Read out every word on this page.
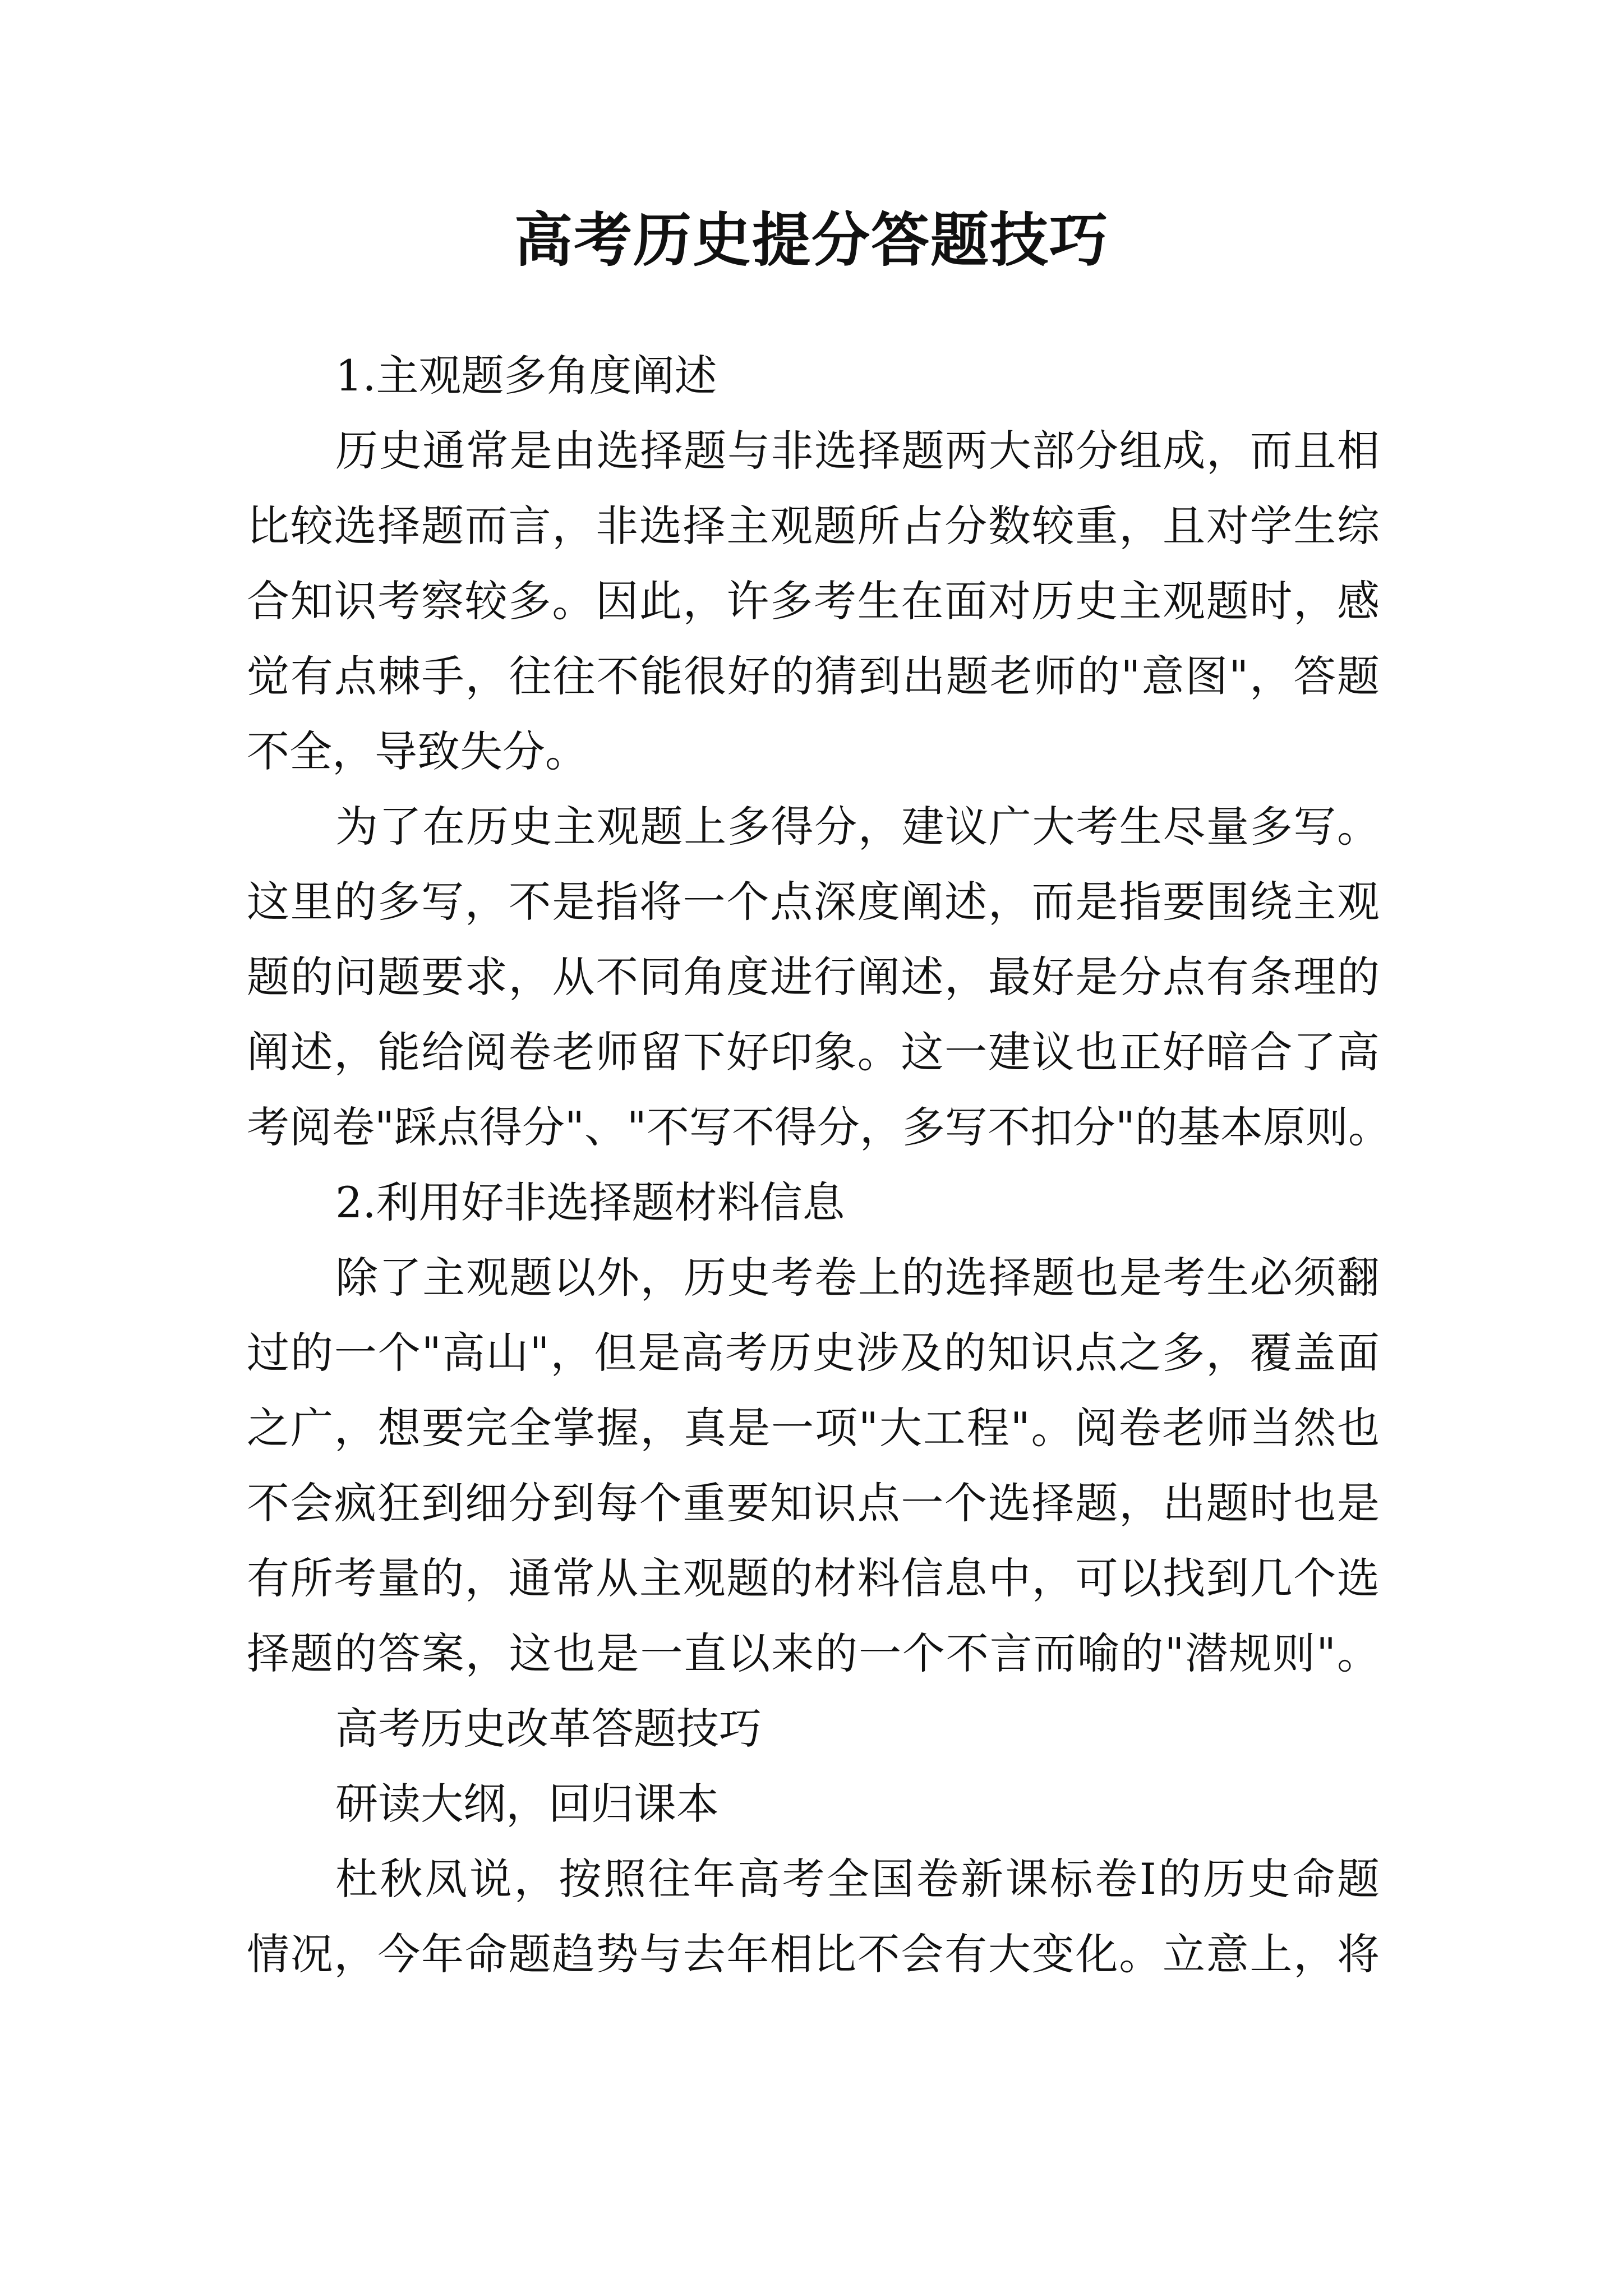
高考历史提分答题技巧
1.主观题多角度阐述
历史通常是由选择题与非选择题两大部分组成，而且相
比较选择题而言，非选择主观题所占分数较重，且对学生综
合知识考察较多。因此，许多考生在面对历史主观题时，感
觉有点棘手，往往不能很好的猜到出题老师的"意图"，答题
不全，导致失分。
为了在历史主观题上多得分，建议广大考生尽量多写。
这里的多写，不是指将一个点深度阐述，而是指要围绕主观
题的问题要求，从不同角度进行阐述，最好是分点有条理的
阐述，能给阅卷老师留下好印象。这一建议也正好暗合了高
考阅卷"踩点得分"、"不写不得分，多写不扣分"的基本原则。
2.利用好非选择题材料信息
除了主观题以外，历史考卷上的选择题也是考生必须翻
过的一个"高山"，但是高考历史涉及的知识点之多，覆盖面
之广，想要完全掌握，真是一项"大工程"。阅卷老师当然也
不会疯狂到细分到每个重要知识点一个选择题，出题时也是
有所考量的，通常从主观题的材料信息中，可以找到几个选
择题的答案，这也是一直以来的一个不言而喻的"潜规则"。
高考历史改革答题技巧
研读大纲，回归课本
杜秋凤说，按照往年高考全国卷新课标卷Ⅰ的历史命题
情况，今年命题趋势与去年相比不会有大变化。立意上，将
